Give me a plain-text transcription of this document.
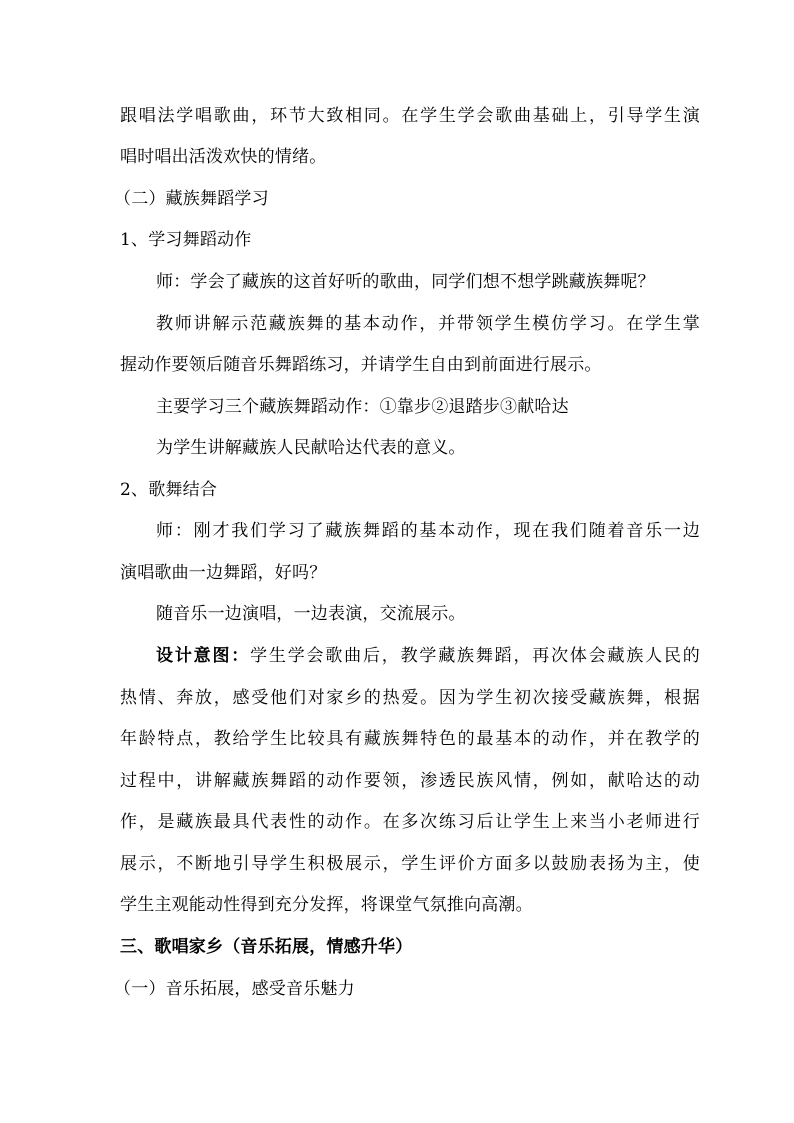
跟唱法学唱歌曲，环节大致相同。在学生学会歌曲基础上，引导学生演
唱时唱出活泼欢快的情绪。
（二）藏族舞蹈学习
1、学习舞蹈动作
师：学会了藏族的这首好听的歌曲，同学们想不想学跳藏族舞呢？
教师讲解示范藏族舞的基本动作，并带领学生模仿学习。在学生掌
握动作要领后随音乐舞蹈练习，并请学生自由到前面进行展示。
主要学习三个藏族舞蹈动作：①靠步②退踏步③献哈达
为学生讲解藏族人民献哈达代表的意义。
2、歌舞结合
师：刚才我们学习了藏族舞蹈的基本动作，现在我们随着音乐一边
演唱歌曲一边舞蹈，好吗？
随音乐一边演唱，一边表演，交流展示。
设计意图：学生学会歌曲后，教学藏族舞蹈，再次体会藏族人民的
热情、奔放，感受他们对家乡的热爱。因为学生初次接受藏族舞，根据
年龄特点，教给学生比较具有藏族舞特色的最基本的动作，并在教学的
过程中，讲解藏族舞蹈的动作要领，渗透民族风情，例如，献哈达的动
作，是藏族最具代表性的动作。在多次练习后让学生上来当小老师进行
展示，不断地引导学生积极展示，学生评价方面多以鼓励表扬为主，使
学生主观能动性得到充分发挥，将课堂气氛推向高潮。
三、歌唱家乡（音乐拓展，情感升华）
（一）音乐拓展，感受音乐魅力
